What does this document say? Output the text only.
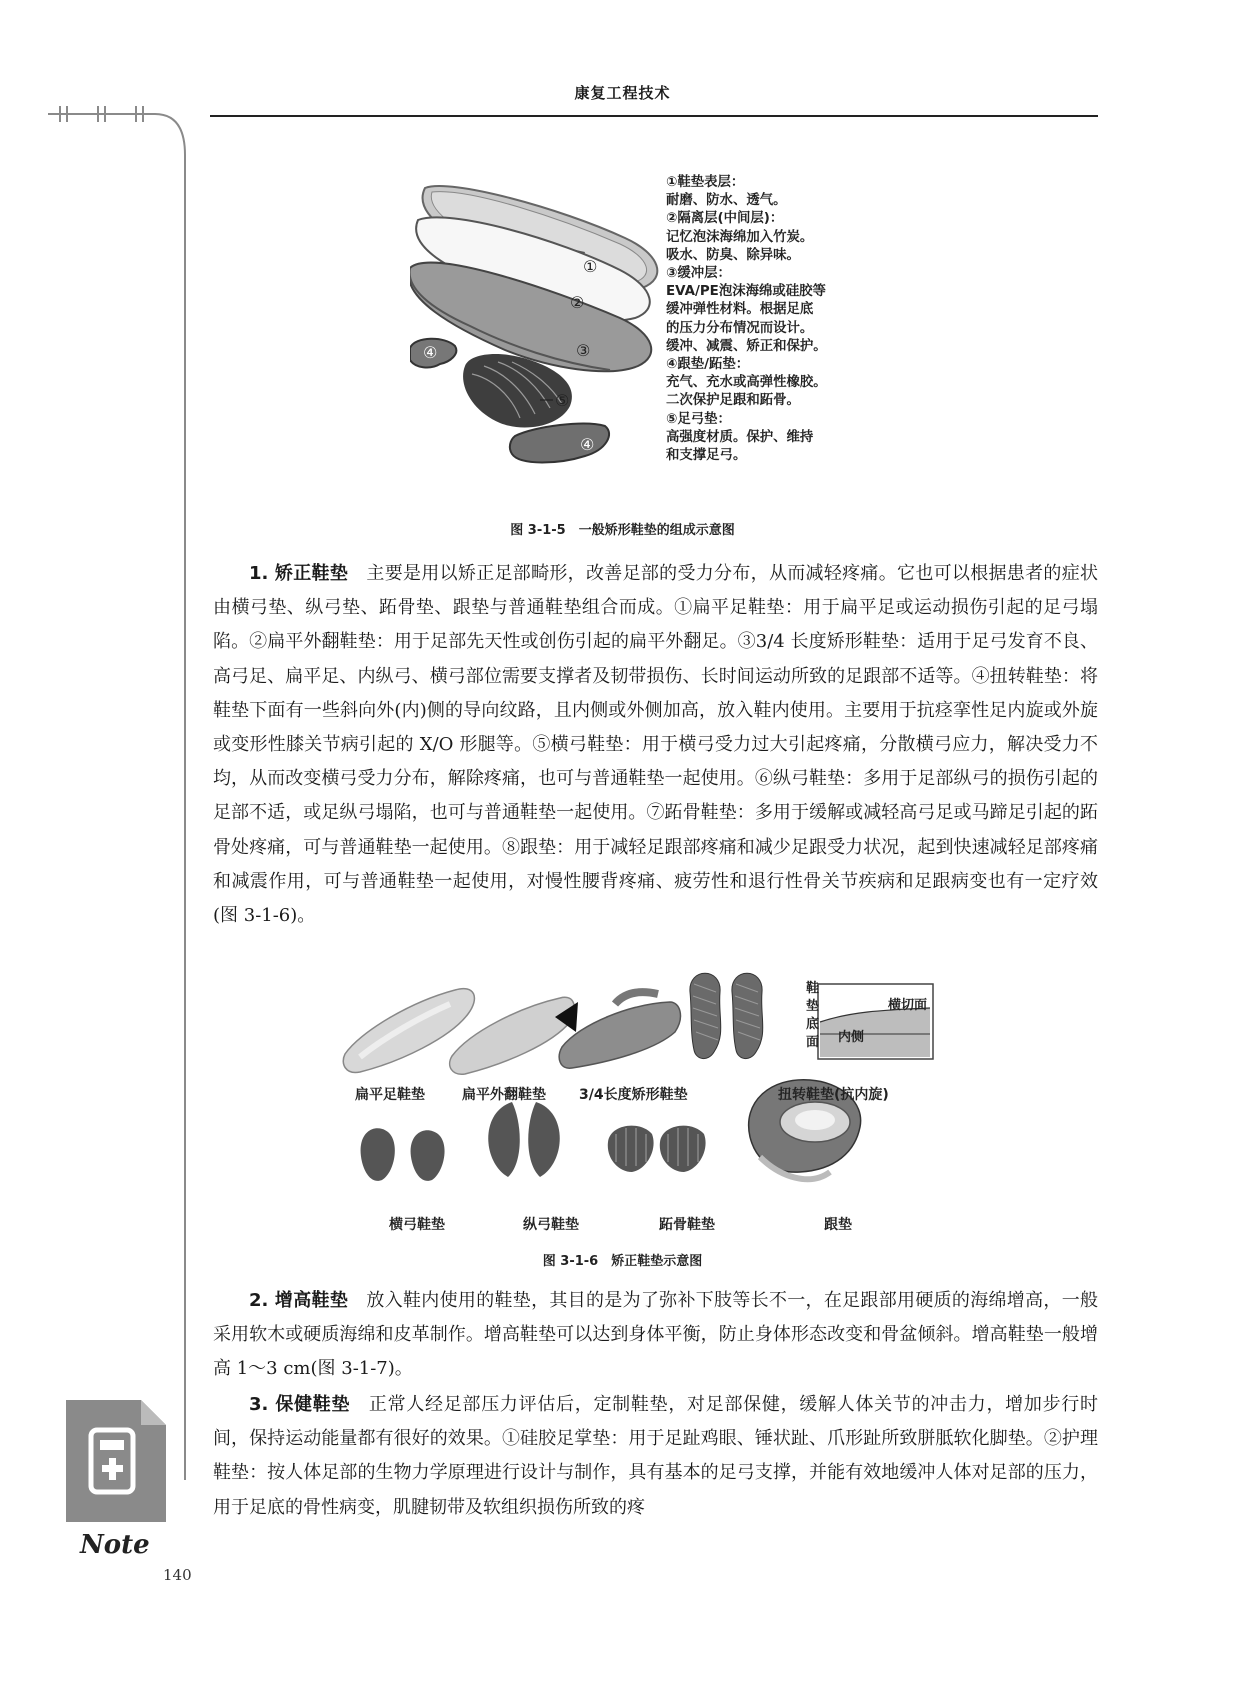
康复工程技术
①
②
③
④
⑤
④

①鞋垫表层：

耐磨、防水、透气。

②隔离层(中间层)：

记忆泡沫海绵加入竹炭。

吸水、防臭、除异味。

③缓冲层：

EVA/PE泡沫海绵或硅胶等

缓冲弹性材料。根据足底

的压力分布情况而设计。

缓冲、减震、矫正和保护。

④跟垫/跖垫：

充气、充水或高弹性橡胶。

二次保护足跟和跖骨。

⑤足弓垫：

高强度材质。保护、维持

和支撑足弓。

图 3-1-5　一般矫形鞋垫的组成示意图

1. 矫正鞋垫　 主要是用以矫正足部畸形，改善足部的受力分布，从而减轻疼痛。它也可以根据患者的症状由横弓垫、纵弓垫、跖骨垫、跟垫与普通鞋垫组合而成。①扁平足鞋垫：用于扁平足或运动损伤引起的足弓塌陷。②扁平外翻鞋垫：用于足部先天性或创伤引起的扁平外翻足。③3/4 长度矫形鞋垫：适用于足弓发育不良、高弓足、扁平足、内纵弓、横弓部位需要支撑者及韧带损伤、长时间运动所致的足跟部不适等。④扭转鞋垫：将鞋垫下面有一些斜向外(内)侧的导向纹路，且内侧或外侧加高，放入鞋内使用。主要用于抗痉挛性足内旋或外旋或变形性膝关节病引起的 X/O 形腿等。⑤横弓鞋垫：用于横弓受力过大引起疼痛，分散横弓应力，解决受力不均，从而改变横弓受力分布，解除疼痛，也可与普通鞋垫一起使用。⑥纵弓鞋垫：多用于足部纵弓的损伤引起的足部不适，或足纵弓塌陷，也可与普通鞋垫一起使用。⑦跖骨鞋垫：多用于缓解或减轻高弓足或马蹄足引起的跖骨处疼痛，可与普通鞋垫一起使用。⑧跟垫：用于减轻足跟部疼痛和减少足跟受力状况，起到快速减轻足部疼痛和减震作用，可与普通鞋垫一起使用，对慢性腰背疼痛、疲劳性和退行性骨关节疾病和足跟病变也有一定疗效(图 3-1-6)。

扁平足鞋垫	扁平外翻鞋垫 3/4长度矫形鞋垫	扭转鞋垫(抗内旋)
鞋垫底面
横切面
内侧
横弓鞋垫	纵弓鞋垫	跖骨鞋垫	跟垫
图 3-1-6　矫正鞋垫示意图

2. 增高鞋垫　 放入鞋内使用的鞋垫，其目的是为了弥补下肢等长不一，在足跟部用硬质的海绵增高，一般采用软木或硬质海绵和皮革制作。增高鞋垫可以达到身体平衡，防止身体形态改变和骨盆倾斜。增高鞋垫一般增高 1～3 cm(图 3-1-7)。

3. 保健鞋垫　 正常人经足部压力评估后，定制鞋垫，对足部保健，缓解人体关节的冲击力，增加步行时间，保持运动能量都有很好的效果。①硅胶足掌垫：用于足趾鸡眼、锤状趾、爪形趾所致胼胝软化脚垫。②护理鞋垫：按人体足部的生物力学原理进行设计与制作，具有基本的足弓支撑，并能有效地缓冲人体对足部的压力，用于足底的骨性病变，肌腱韧带及软组织损伤所致的疼

Note
140
